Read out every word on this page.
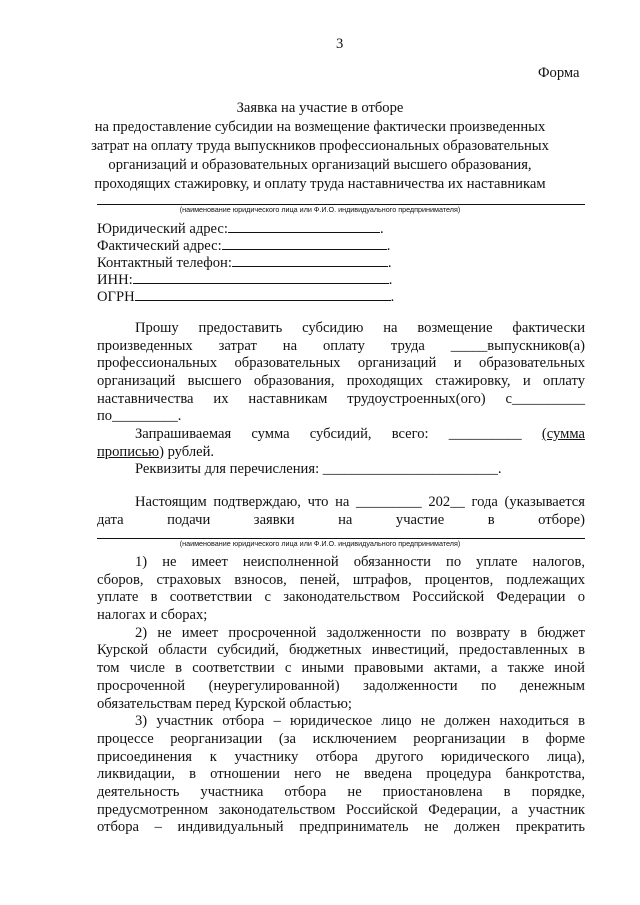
3
Форма
Заявка на участие в отборе
на предоставление субсидии на возмещение фактически произведенных
затрат на оплату труда выпускников профессиональных образовательных
организаций и образовательных организаций высшего образования,
проходящих стажировку, и оплату труда наставничества их наставникам
(наименование юридического лица или Ф.И.О. индивидуального предпринимателя)
Юридический адрес:	.
Фактический адрес:	.
Контактный телефон:	.
ИНН:	.
ОГРН	.
Прошу предоставить субсидию на возмещение фактически
произведенных затрат на оплату труда _____выпускников(а)
профессиональных образовательных организаций и образовательных
организаций высшего образования, проходящих стажировку, и оплату
наставничества их наставникам трудоустроенных(ого) с__________
по_________.
Запрашиваемая сумма субсидий, всего: __________ (сумма
прописью) рублей.
Реквизиты для перечисления: ________________________.
Настоящим подтверждаю, что на _________ 202__ года (указывается
дата подачи заявки на участие в отборе)
(наименование юридического лица или Ф.И.О. индивидуального предпринимателя)
1) не имеет неисполненной обязанности по уплате налогов,
сборов, страховых взносов, пеней, штрафов, процентов, подлежащих
уплате в соответствии с законодательством Российской Федерации о
налогах и сборах;
2) не имеет просроченной задолженности по возврату в бюджет
Курской области субсидий, бюджетных инвестиций, предоставленных в
том числе в соответствии с иными правовыми актами, а также иной
просроченной (неурегулированной) задолженности по денежным
обязательствам перед Курской областью;
3) участник отбора – юридическое лицо не должен находиться в
процессе реорганизации (за исключением реорганизации в форме
присоединения к участнику отбора другого юридического лица),
ликвидации, в отношении него не введена процедура банкротства,
деятельность участника отбора не приостановлена в порядке,
предусмотренном законодательством Российской Федерации, а участник
отбора – индивидуальный предприниматель не должен прекратить
